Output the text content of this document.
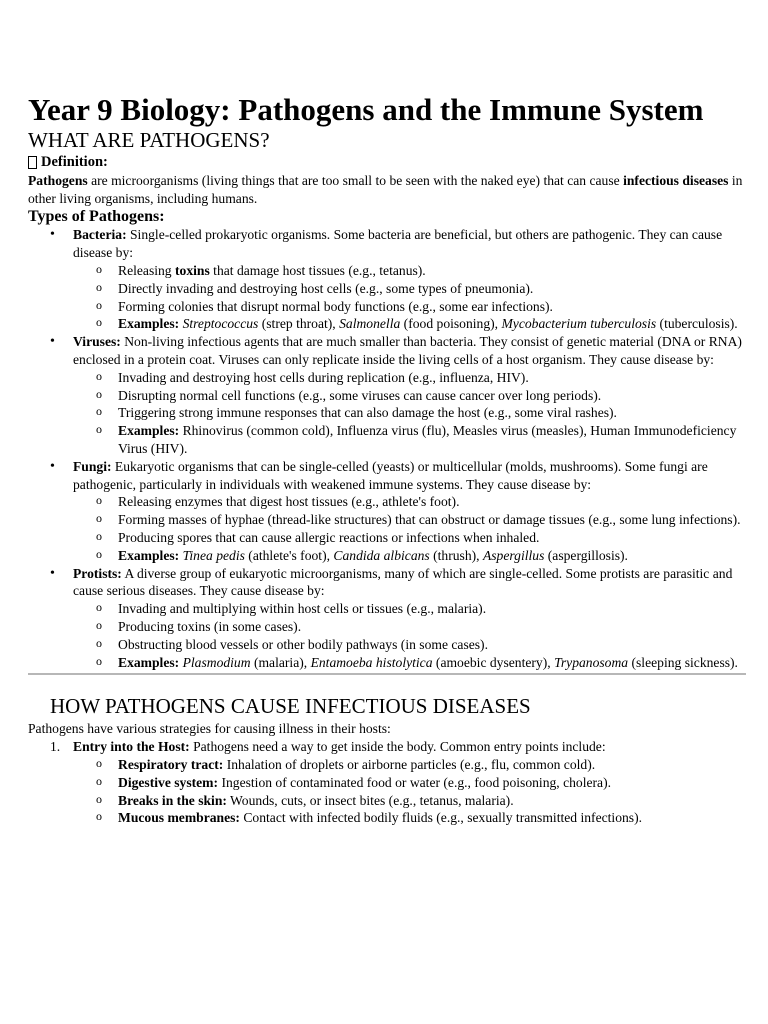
Year 9 Biology: Pathogens and the Immune System
WHAT ARE PATHOGENS?
Definition:

Pathogens are microorganisms (living things that are too small to be seen with the naked eye) that can cause infectious diseases in other living organisms, including humans.

Types of Pathogens:
• Bacteria: Single-celled prokaryotic organisms. Some bacteria are beneficial, but others are pathogenic. They can cause disease by:
o Releasing toxins that damage host tissues (e.g., tetanus).
o Directly invading and destroying host cells (e.g., some types of pneumonia).
o Forming colonies that disrupt normal body functions (e.g., some ear infections).
o Examples: Streptococcus (strep throat), Salmonella (food poisoning), Mycobacterium tuberculosis (tuberculosis).
• Viruses: Non-living infectious agents that are much smaller than bacteria. They consist of genetic material (DNA or RNA) enclosed in a protein coat. Viruses can only replicate inside the living cells of a host organism. They cause disease by:
o Invading and destroying host cells during replication (e.g., influenza, HIV).
o Disrupting normal cell functions (e.g., some viruses can cause cancer over long periods).
o Triggering strong immune responses that can also damage the host (e.g., some viral rashes).
o Examples: Rhinovirus (common cold), Influenza virus (flu), Measles virus (measles), Human Immunodeficiency Virus (HIV).
• Fungi: Eukaryotic organisms that can be single-celled (yeasts) or multicellular (molds, mushrooms). Some fungi are pathogenic, particularly in individuals with weakened immune systems. They cause disease by:
o Releasing enzymes that digest host tissues (e.g., athlete's foot).
o Forming masses of hyphae (thread-like structures) that can obstruct or damage tissues (e.g., some lung infections).
o Producing spores that can cause allergic reactions or infections when inhaled.
o Examples: Tinea pedis (athlete's foot), Candida albicans (thrush), Aspergillus (aspergillosis).
• Protists: A diverse group of eukaryotic microorganisms, many of which are single-celled. Some protists are parasitic and cause serious diseases. They cause disease by:
o Invading and multiplying within host cells or tissues (e.g., malaria).
o Producing toxins (in some cases).
o Obstructing blood vessels or other bodily pathways (in some cases).
o Examples: Plasmodium (malaria), Entamoeba histolytica (amoebic dysentery), Trypanosoma (sleeping sickness).
HOW PATHOGENS CAUSE INFECTIOUS DISEASES

Pathogens have various strategies for causing illness in their hosts:

1. Entry into the Host: Pathogens need a way to get inside the body. Common entry points include:
o Respiratory tract: Inhalation of droplets or airborne particles (e.g., flu, common cold).
o Digestive system: Ingestion of contaminated food or water (e.g., food poisoning, cholera).
o Breaks in the skin: Wounds, cuts, or insect bites (e.g., tetanus, malaria).
o Mucous membranes: Contact with infected bodily fluids (e.g., sexually transmitted infections).
